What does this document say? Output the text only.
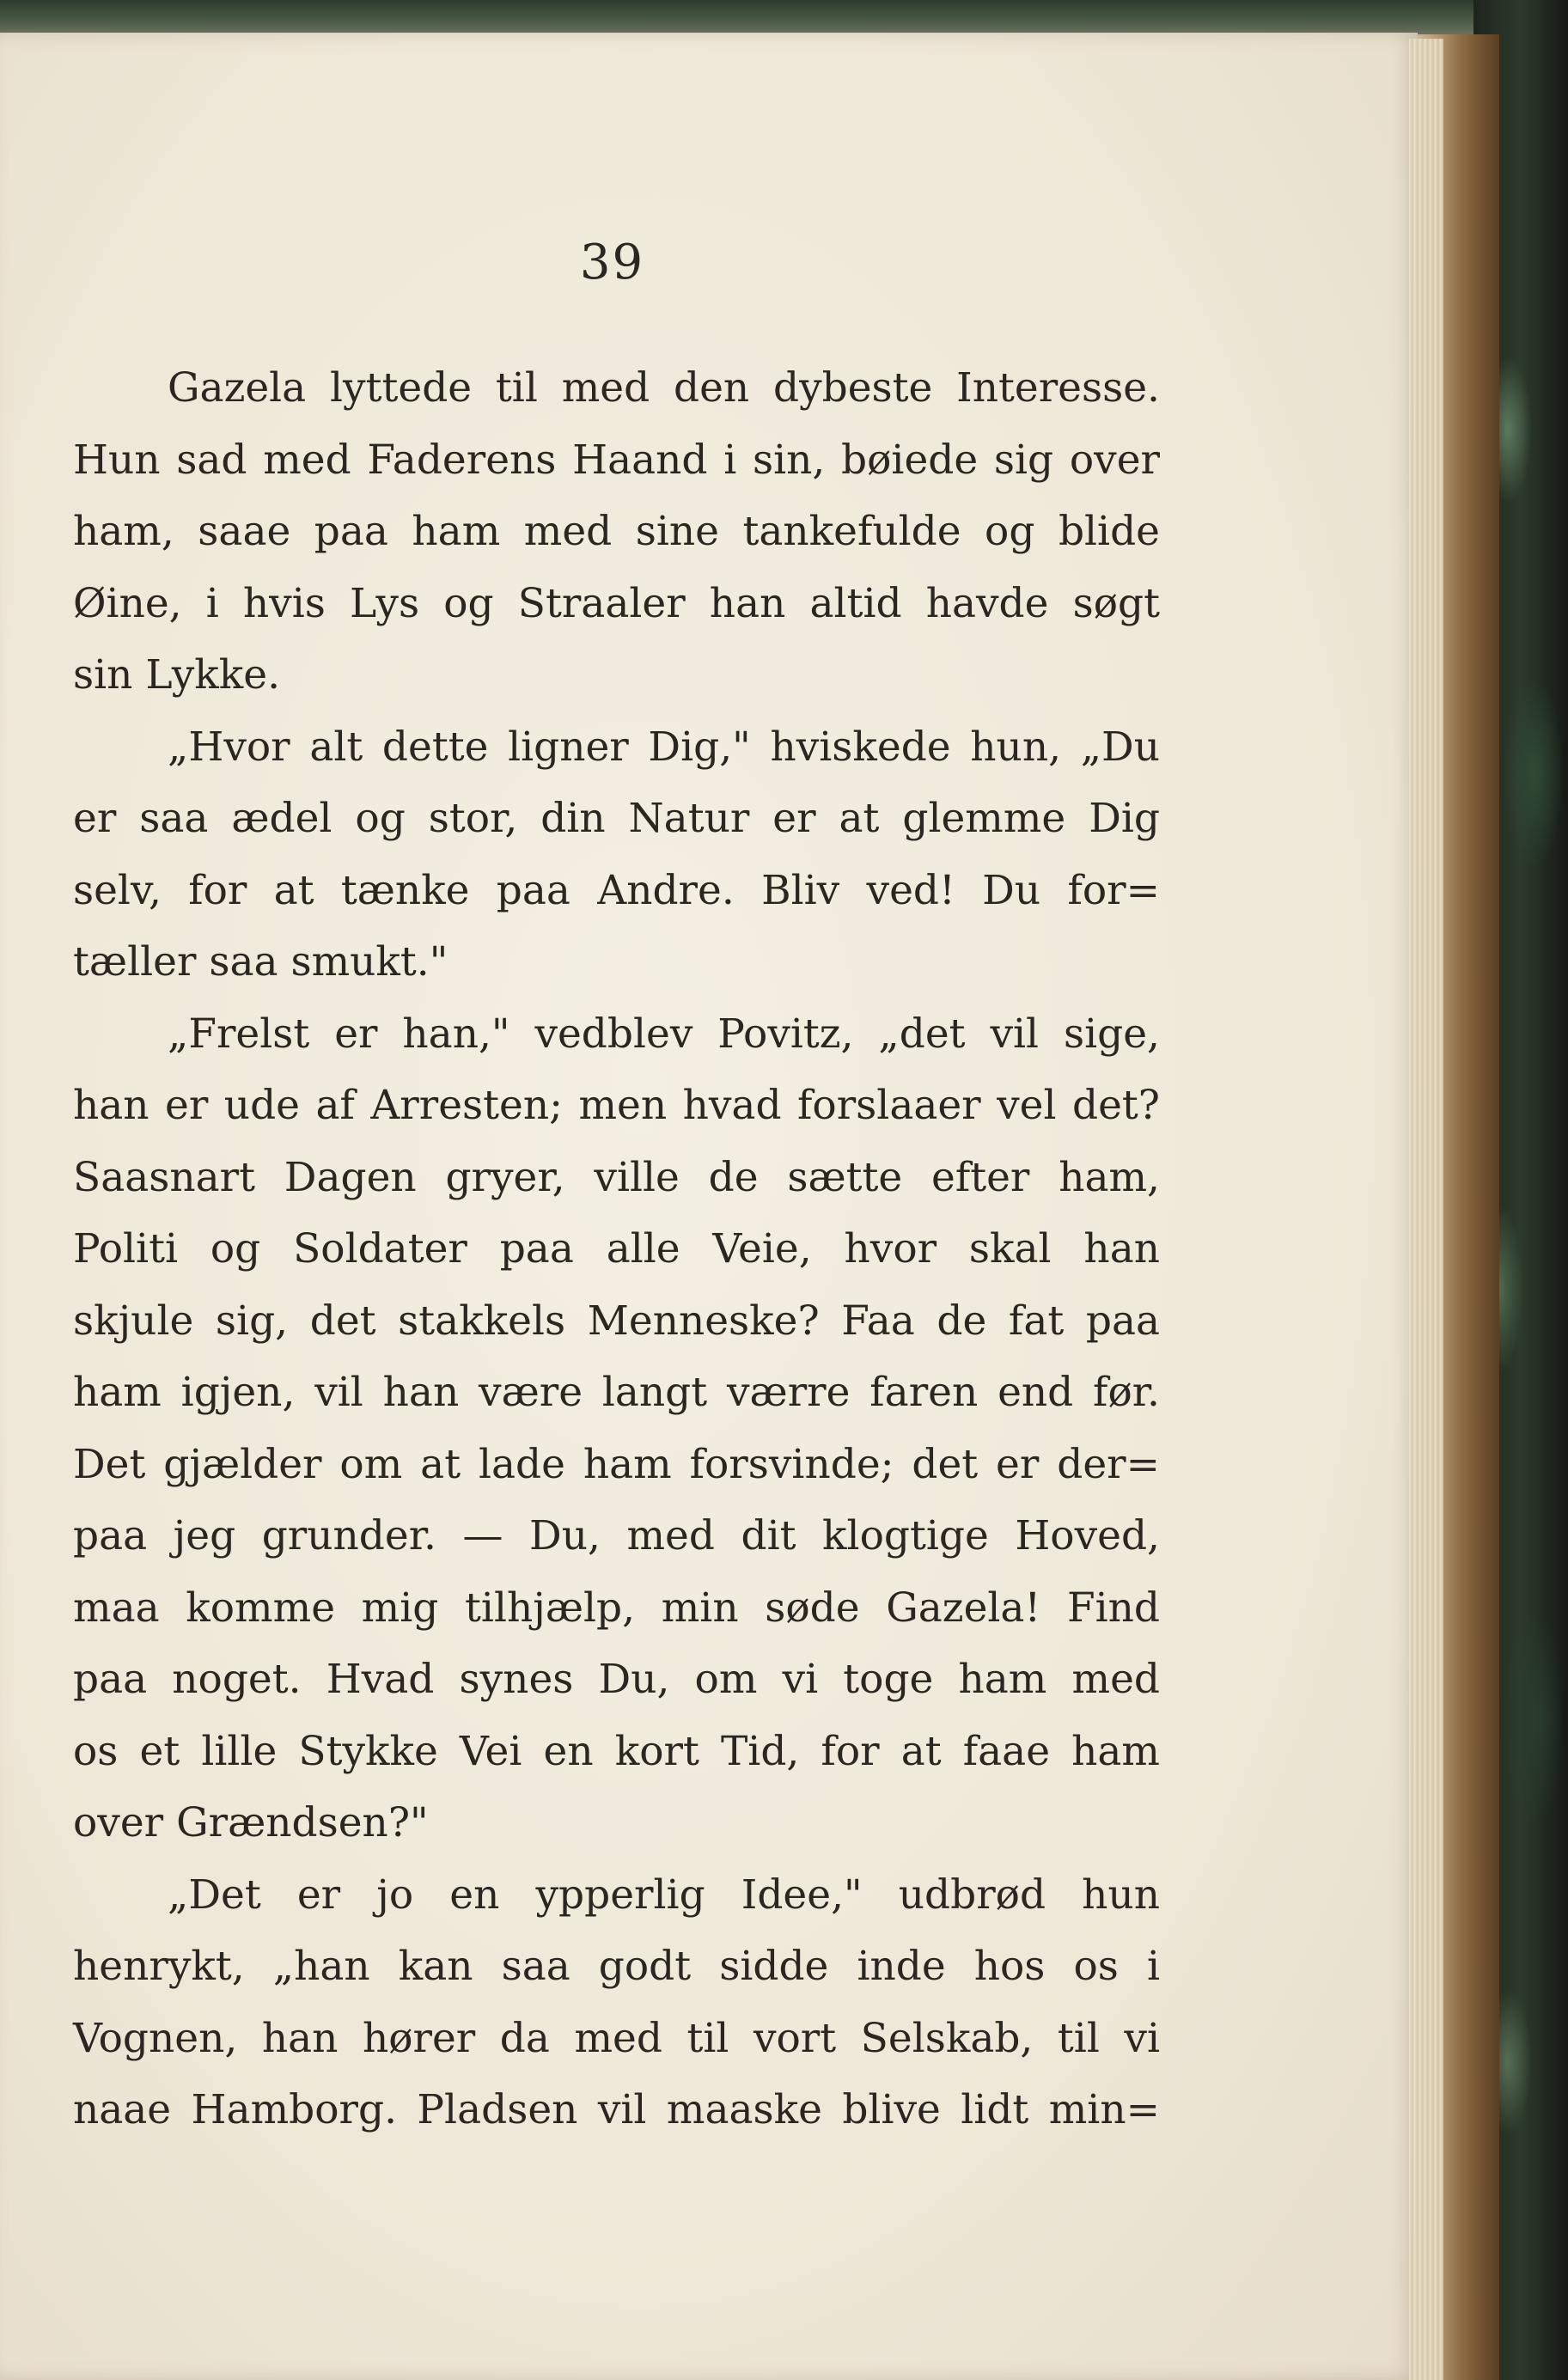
39
Gazela lyttede til med den dybeste Interesse.
Hun sad med Faderens Haand i sin, bøiede sig over
ham, saae paa ham med sine tankefulde og blide
Øine, i hvis Lys og Straaler han altid havde søgt
sin Lykke.
„Hvor alt dette ligner Dig," hviskede hun, „Du
er saa ædel og stor, din Natur er at glemme Dig
selv, for at tænke paa Andre. Bliv ved! Du for=
tæller saa smukt."
„Frelst er han," vedblev Povitz, „det vil sige,
han er ude af Arresten; men hvad forslaaer vel det?
Saasnart Dagen gryer, ville de sætte efter ham,
Politi og Soldater paa alle Veie, hvor skal han
skjule sig, det stakkels Menneske? Faa de fat paa
ham igjen, vil han være langt værre faren end før.
Det gjælder om at lade ham forsvinde; det er der=
paa jeg grunder. — Du, med dit klogtige Hoved,
maa komme mig tilhjælp, min søde Gazela! Find
paa noget. Hvad synes Du, om vi toge ham med
os et lille Stykke Vei en kort Tid, for at faae ham
over Grændsen?"
„Det er jo en ypperlig Idee," udbrød hun
henrykt, „han kan saa godt sidde inde hos os i
Vognen, han hører da med til vort Selskab, til vi
naae Hamborg. Pladsen vil maaske blive lidt min=
